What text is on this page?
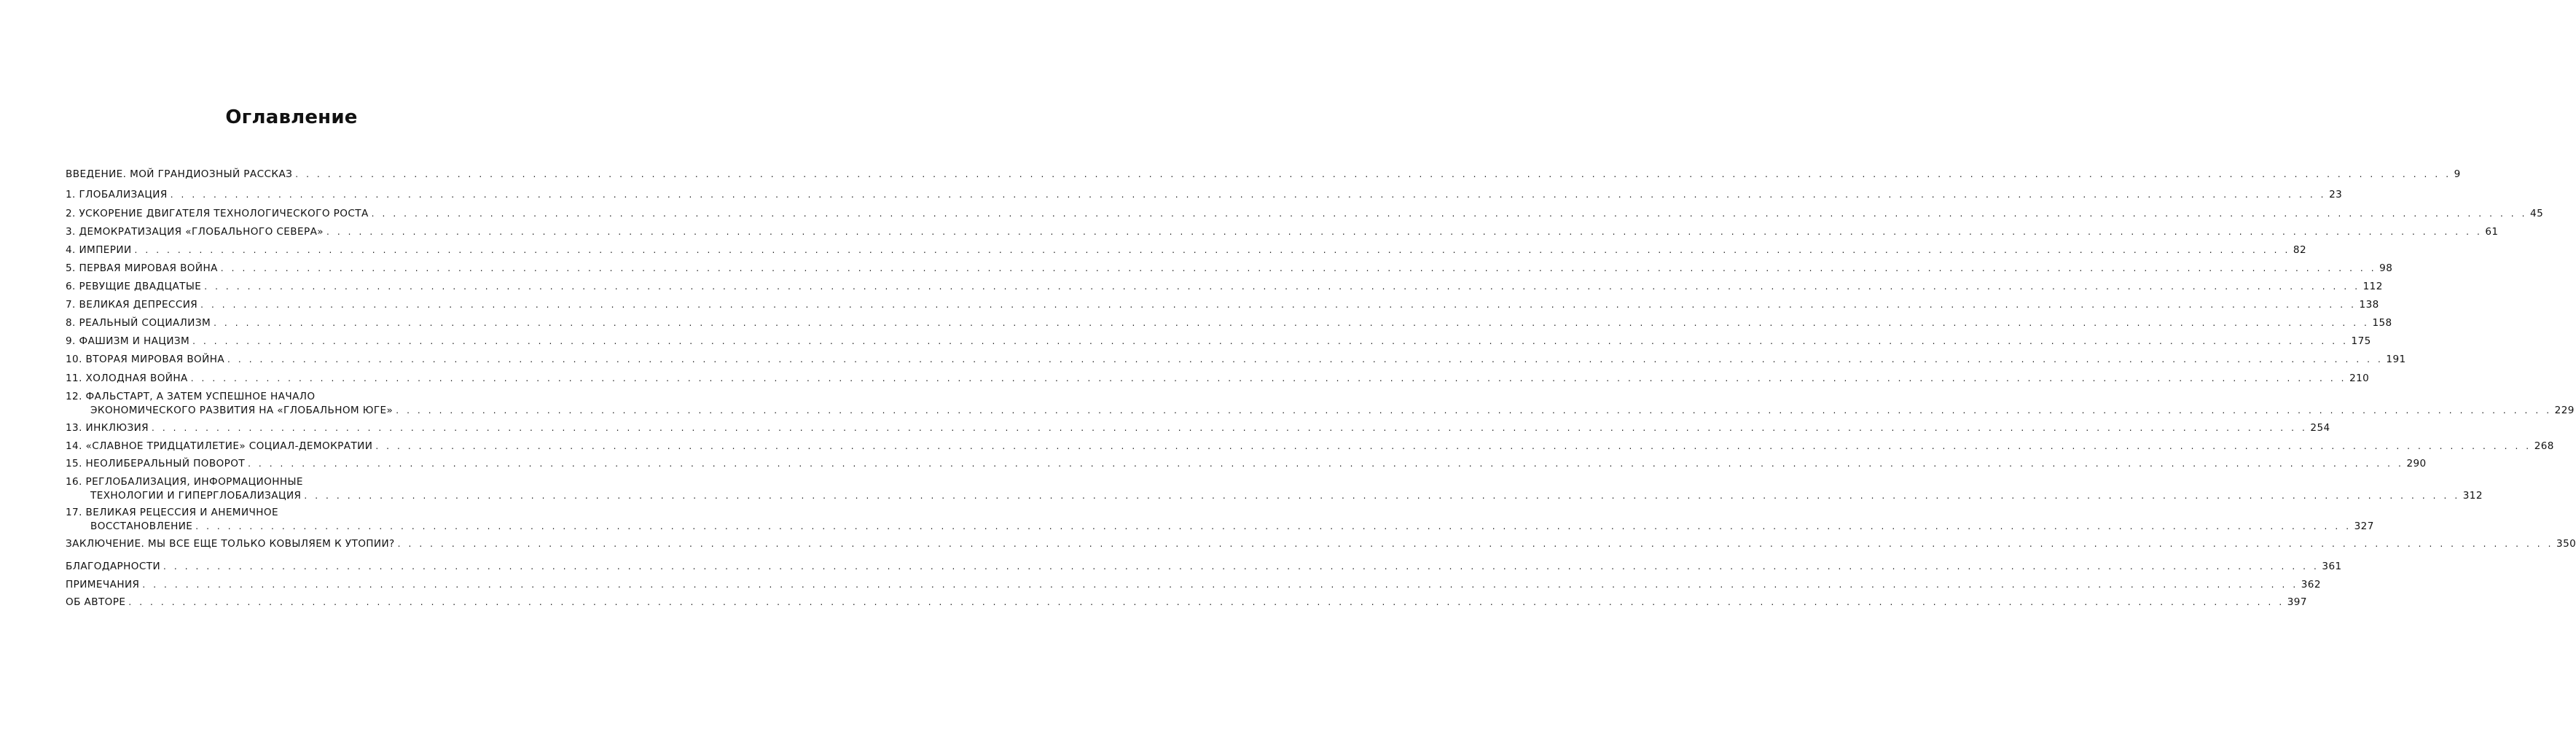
Оглавление
ВВЕДЕНИЕ. МОЙ ГРАНДИОЗНЫЙ РАССКАЗ . . . . . . . . . . . . . . . . . . . . . . . . . . . . . . . . . . . . . . . . . . . . . . . . . . . . . . . . . . . . . . . . . . . . . . . . . . . . . . . . . . . . . . . . . . . . . . . . . . . . . . . . . . . . . . . . . . . . . . . . . . . . . . . . . . . . . . . . . . . . . . . . . . . . . . . . . . . . . . . . . . . . . . . . . . . . . . . . . . . . . . . . . . . . . . . . . . . . . . . . 9
1. ГЛОБАЛИЗАЦИЯ . . . . . . . . . . . . . . . . . . . . . . . . . . . . . . . . . . . . . . . . . . . . . . . . . . . . . . . . . . . . . . . . . . . . . . . . . . . . . . . . . . . . . . . . . . . . . . . . . . . . . . . . . . . . . . . . . . . . . . . . . . . . . . . . . . . . . . . . . . . . . . . . . . . . . . . . . . . . . . . . . . . . . . . . . . . . . . . . . . . . . . . . . . . . . . . . . . . . . . . . 23
2. УСКОРЕНИЕ ДВИГАТЕЛЯ ТЕХНОЛОГИЧЕСКОГО РОСТА . . . . . . . . . . . . . . . . . . . . . . . . . . . . . . . . . . . . . . . . . . . . . . . . . . . . . . . . . . . . . . . . . . . . . . . . . . . . . . . . . . . . . . . . . . . . . . . . . . . . . . . . . . . . . . . . . . . . . . . . . . . . . . . . . . . . . . . . . . . . . . . . . . . . . . . . . . . . . . . . . . . . . . . . . . . . . . . . . . . . . . . . . . . . . . . . . . . . . . . . 45
3. ДЕМОКРАТИЗАЦИЯ «ГЛОБАЛЬНОГО СЕВЕРА» . . . . . . . . . . . . . . . . . . . . . . . . . . . . . . . . . . . . . . . . . . . . . . . . . . . . . . . . . . . . . . . . . . . . . . . . . . . . . . . . . . . . . . . . . . . . . . . . . . . . . . . . . . . . . . . . . . . . . . . . . . . . . . . . . . . . . . . . . . . . . . . . . . . . . . . . . . . . . . . . . . . . . . . . . . . . . . . . . . . . . . . . . . . . . . . . . . . . . . . . 61
4. ИМПЕРИИ . . . . . . . . . . . . . . . . . . . . . . . . . . . . . . . . . . . . . . . . . . . . . . . . . . . . . . . . . . . . . . . . . . . . . . . . . . . . . . . . . . . . . . . . . . . . . . . . . . . . . . . . . . . . . . . . . . . . . . . . . . . . . . . . . . . . . . . . . . . . . . . . . . . . . . . . . . . . . . . . . . . . . . . . . . . . . . . . . . . . . . . . . . . . . . . . . . . . . . . . 82
5. ПЕРВАЯ МИРОВАЯ ВОЙНА . . . . . . . . . . . . . . . . . . . . . . . . . . . . . . . . . . . . . . . . . . . . . . . . . . . . . . . . . . . . . . . . . . . . . . . . . . . . . . . . . . . . . . . . . . . . . . . . . . . . . . . . . . . . . . . . . . . . . . . . . . . . . . . . . . . . . . . . . . . . . . . . . . . . . . . . . . . . . . . . . . . . . . . . . . . . . . . . . . . . . . . . . . . . . . . . . . . . . . . . 98
6. РЕВУЩИЕ ДВАДЦАТЫЕ . . . . . . . . . . . . . . . . . . . . . . . . . . . . . . . . . . . . . . . . . . . . . . . . . . . . . . . . . . . . . . . . . . . . . . . . . . . . . . . . . . . . . . . . . . . . . . . . . . . . . . . . . . . . . . . . . . . . . . . . . . . . . . . . . . . . . . . . . . . . . . . . . . . . . . . . . . . . . . . . . . . . . . . . . . . . . . . . . . . . . . . . . . . . . . . . . . . . . . . . 112
7. ВЕЛИКАЯ ДЕПРЕССИЯ . . . . . . . . . . . . . . . . . . . . . . . . . . . . . . . . . . . . . . . . . . . . . . . . . . . . . . . . . . . . . . . . . . . . . . . . . . . . . . . . . . . . . . . . . . . . . . . . . . . . . . . . . . . . . . . . . . . . . . . . . . . . . . . . . . . . . . . . . . . . . . . . . . . . . . . . . . . . . . . . . . . . . . . . . . . . . . . . . . . . . . . . . . . . . . . . . . . . . . . . 138
8. РЕАЛЬНЫЙ СОЦИАЛИЗМ . . . . . . . . . . . . . . . . . . . . . . . . . . . . . . . . . . . . . . . . . . . . . . . . . . . . . . . . . . . . . . . . . . . . . . . . . . . . . . . . . . . . . . . . . . . . . . . . . . . . . . . . . . . . . . . . . . . . . . . . . . . . . . . . . . . . . . . . . . . . . . . . . . . . . . . . . . . . . . . . . . . . . . . . . . . . . . . . . . . . . . . . . . . . . . . . . . . . . . . . 158
9. ФАШИЗМ И НАЦИЗМ . . . . . . . . . . . . . . . . . . . . . . . . . . . . . . . . . . . . . . . . . . . . . . . . . . . . . . . . . . . . . . . . . . . . . . . . . . . . . . . . . . . . . . . . . . . . . . . . . . . . . . . . . . . . . . . . . . . . . . . . . . . . . . . . . . . . . . . . . . . . . . . . . . . . . . . . . . . . . . . . . . . . . . . . . . . . . . . . . . . . . . . . . . . . . . . . . . . . . . . . 175
10. ВТОРАЯ МИРОВАЯ ВОЙНА . . . . . . . . . . . . . . . . . . . . . . . . . . . . . . . . . . . . . . . . . . . . . . . . . . . . . . . . . . . . . . . . . . . . . . . . . . . . . . . . . . . . . . . . . . . . . . . . . . . . . . . . . . . . . . . . . . . . . . . . . . . . . . . . . . . . . . . . . . . . . . . . . . . . . . . . . . . . . . . . . . . . . . . . . . . . . . . . . . . . . . . . . . . . . . . . . . . . . . . . 191
11. ХОЛОДНАЯ ВОЙНА . . . . . . . . . . . . . . . . . . . . . . . . . . . . . . . . . . . . . . . . . . . . . . . . . . . . . . . . . . . . . . . . . . . . . . . . . . . . . . . . . . . . . . . . . . . . . . . . . . . . . . . . . . . . . . . . . . . . . . . . . . . . . . . . . . . . . . . . . . . . . . . . . . . . . . . . . . . . . . . . . . . . . . . . . . . . . . . . . . . . . . . . . . . . . . . . . . . . . . . . 210
12. ФАЛЬСТАРТ, А ЗАТЕМ УСПЕШНОЕ НАЧАЛО
ЭКОНОМИЧЕСКОГО РАЗВИТИЯ НА «ГЛОБАЛЬНОМ ЮГЕ» . . . . . . . . . . . . . . . . . . . . . . . . . . . . . . . . . . . . . . . . . . . . . . . . . . . . . . . . . . . . . . . . . . . . . . . . . . . . . . . . . . . . . . . . . . . . . . . . . . . . . . . . . . . . . . . . . . . . . . . . . . . . . . . . . . . . . . . . . . . . . . . . . . . . . . . . . . . . . . . . . . . . . . . . . . . . . . . . . . . . . . . . . . . . . . . . . . . . . . . . 229
13. ИНКЛЮЗИЯ . . . . . . . . . . . . . . . . . . . . . . . . . . . . . . . . . . . . . . . . . . . . . . . . . . . . . . . . . . . . . . . . . . . . . . . . . . . . . . . . . . . . . . . . . . . . . . . . . . . . . . . . . . . . . . . . . . . . . . . . . . . . . . . . . . . . . . . . . . . . . . . . . . . . . . . . . . . . . . . . . . . . . . . . . . . . . . . . . . . . . . . . . . . . . . . . . . . . . . . . 254
14. «СЛАВНОЕ ТРИДЦАТИЛЕТИЕ» СОЦИАЛ-ДЕМОКРАТИИ . . . . . . . . . . . . . . . . . . . . . . . . . . . . . . . . . . . . . . . . . . . . . . . . . . . . . . . . . . . . . . . . . . . . . . . . . . . . . . . . . . . . . . . . . . . . . . . . . . . . . . . . . . . . . . . . . . . . . . . . . . . . . . . . . . . . . . . . . . . . . . . . . . . . . . . . . . . . . . . . . . . . . . . . . . . . . . . . . . . . . . . . . . . . . . . . . . . . . . . . 268
15. НЕОЛИБЕРАЛЬНЫЙ ПОВОРОТ . . . . . . . . . . . . . . . . . . . . . . . . . . . . . . . . . . . . . . . . . . . . . . . . . . . . . . . . . . . . . . . . . . . . . . . . . . . . . . . . . . . . . . . . . . . . . . . . . . . . . . . . . . . . . . . . . . . . . . . . . . . . . . . . . . . . . . . . . . . . . . . . . . . . . . . . . . . . . . . . . . . . . . . . . . . . . . . . . . . . . . . . . . . . . . . . . . . . . . . . 290
16. РЕГЛОБАЛИЗАЦИЯ, ИНФОРМАЦИОННЫЕ
ТЕХНОЛОГИИ И ГИПЕРГЛОБАЛИЗАЦИЯ . . . . . . . . . . . . . . . . . . . . . . . . . . . . . . . . . . . . . . . . . . . . . . . . . . . . . . . . . . . . . . . . . . . . . . . . . . . . . . . . . . . . . . . . . . . . . . . . . . . . . . . . . . . . . . . . . . . . . . . . . . . . . . . . . . . . . . . . . . . . . . . . . . . . . . . . . . . . . . . . . . . . . . . . . . . . . . . . . . . . . . . . . . . . . . . . . . . . . . . . 312
17. ВЕЛИКАЯ РЕЦЕССИЯ И АНЕМИЧНОЕ
ВОССТАНОВЛЕНИЕ . . . . . . . . . . . . . . . . . . . . . . . . . . . . . . . . . . . . . . . . . . . . . . . . . . . . . . . . . . . . . . . . . . . . . . . . . . . . . . . . . . . . . . . . . . . . . . . . . . . . . . . . . . . . . . . . . . . . . . . . . . . . . . . . . . . . . . . . . . . . . . . . . . . . . . . . . . . . . . . . . . . . . . . . . . . . . . . . . . . . . . . . . . . . . . . . . . . . . . . . 327
ЗАКЛЮЧЕНИЕ. МЫ ВСЕ ЕЩЕ ТОЛЬКО КОВЫЛЯЕМ К УТОПИИ? . . . . . . . . . . . . . . . . . . . . . . . . . . . . . . . . . . . . . . . . . . . . . . . . . . . . . . . . . . . . . . . . . . . . . . . . . . . . . . . . . . . . . . . . . . . . . . . . . . . . . . . . . . . . . . . . . . . . . . . . . . . . . . . . . . . . . . . . . . . . . . . . . . . . . . . . . . . . . . . . . . . . . . . . . . . . . . . . . . . . . . . . . . . . . . . . . . . . . . . . 350
БЛАГОДАРНОСТИ . . . . . . . . . . . . . . . . . . . . . . . . . . . . . . . . . . . . . . . . . . . . . . . . . . . . . . . . . . . . . . . . . . . . . . . . . . . . . . . . . . . . . . . . . . . . . . . . . . . . . . . . . . . . . . . . . . . . . . . . . . . . . . . . . . . . . . . . . . . . . . . . . . . . . . . . . . . . . . . . . . . . . . . . . . . . . . . . . . . . . . . . . . . . . . . . . . . . . . . . 361
ПРИМЕЧАНИЯ . . . . . . . . . . . . . . . . . . . . . . . . . . . . . . . . . . . . . . . . . . . . . . . . . . . . . . . . . . . . . . . . . . . . . . . . . . . . . . . . . . . . . . . . . . . . . . . . . . . . . . . . . . . . . . . . . . . . . . . . . . . . . . . . . . . . . . . . . . . . . . . . . . . . . . . . . . . . . . . . . . . . . . . . . . . . . . . . . . . . . . . . . . . . . . . . . . . . . . . . 362
ОБ АВТОРЕ . . . . . . . . . . . . . . . . . . . . . . . . . . . . . . . . . . . . . . . . . . . . . . . . . . . . . . . . . . . . . . . . . . . . . . . . . . . . . . . . . . . . . . . . . . . . . . . . . . . . . . . . . . . . . . . . . . . . . . . . . . . . . . . . . . . . . . . . . . . . . . . . . . . . . . . . . . . . . . . . . . . . . . . . . . . . . . . . . . . . . . . . . . . . . . . . . . . . . . . . 397
